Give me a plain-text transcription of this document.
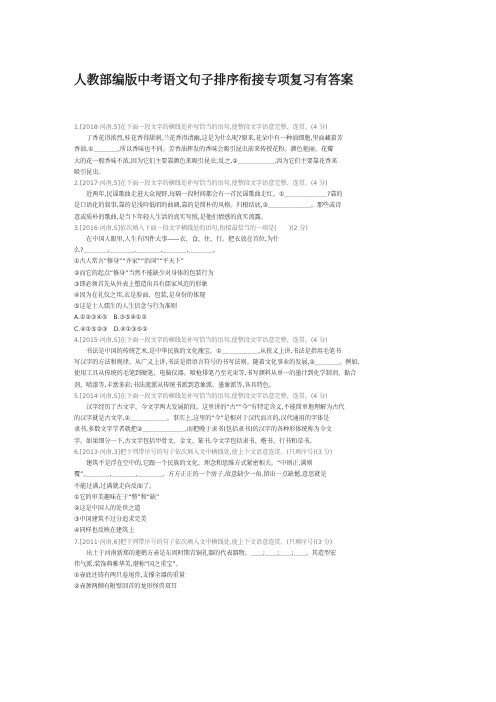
人教部编版中考语文句子排序衔接专项复习有答案

1.[2018·河南,5]在下面一段文字的横线处补写恰当的语句,使整段文字语意完整、连贯。(4 分)

　　丁香花得浓烈,桂花香得甜润,兰花香得清幽,这是为什么呢?原来,花朵中有一种油细胞,里面藏着芳

香油,①＿＿＿＿,所以香味也不同。芳香油挥发的香味会吸引昆虫前来传授花粉。颜色艳丽、花瓣

大的花一般香味不浓,因为它们主要靠颜色来吸引昆虫;反之,②＿＿＿＿＿＿,因为它们主要靠花香来

吸引昆虫。

2.[2017·河南,5]在下面一段文字的横线处补写恰当的语句,使整段文字语意完整、连贯。(4 分)

　　近两年,民谣歌曲走进大众视野,每隔一段时间都会有一首民谣歌曲走红。①＿＿＿＿＿＿＿?靠的

是口语化的叙事,靠的是浅吟低唱的曲调,靠的是简朴的风格。归根结底,②＿＿＿＿＿＿＿。那些或诗

意或质朴的歌曲,是当下年轻人生活的真实写照,是他们情感的真实流露。

3.[2016·河南,5]依次填入下面一段文字横线处的语句,衔接最恰当的一项是(　　)(2 分)

　　在中国人眼里,人生有四件大事——衣、食、住、行。把衣放在首位,为什

么?＿＿＿＿,＿＿＿＿,＿＿＿＿,＿＿＿＿,＿＿＿＿。

①古人常言“修身”“齐家”“治国”“平天下”

②而它的起点“修身”当然不能缺少对身体的包装行为

③即必须首先从外表上塑造出具有儒家风范的形象

④因为在礼仪之邦,衣是脸面、包装,是身份的体现

⑤这是士人儒生的人生信念与行为准则

A.①②③④⑤　B.③⑤④①②

C.④①⑤②③　D.④①③⑤②

4.[2015·河南,5]在下面一段文字的横线处补写恰当的语句,使整段文字语意完整、连贯。(4 分)

　　书法是中国的传统艺术,是中华民族的文化瑰宝。①＿＿＿＿＿＿,从狭义上讲,书法是指用毛笔书

写汉字的方法和规律。从广义上讲,书法是指语言符号的书写法则。随着文化事业的发展,②＿＿＿＿。例如,

使用工具从传统的毛笔到硬笔、电脑仪器、喷枪排笔乃至光束等,书写颜料从单一的墨汁到化学制剂、黏合

剂、喷漆等,丰富多彩;书法流派从传统书派到意象派、墨象派等,各具特色。

5.[2014·河南,5]在下面一段文字的横线处补写恰当的语句,使整段文字语意完整、连贯。(4 分)

　　汉字经历了古文字、今文字两大发展阶段。这里讲的“古”“今”有特定含义,不能简单地理解为古代

的汉字就是古文字,①＿＿＿＿＿＿。事实上,这里的“今”是相对于汉代而言的,汉代通用的字体是

隶书,多数文字学者就把②＿＿＿＿＿＿＿,而把晚于隶书(包括隶书)的汉字的各种形体统称为今文

字。如果细分一下,古文字包括甲骨文、金文、篆书,今文字包括隶书、楷书、行书和草书。

6.[2013·河南,3]把下列带序号的句子依次填入文中横线处,使上下文语意连贯。(只填序号)(3 分)

　　建筑不是浮在空中的,它跟一个民族的文化、理念和思维方式紧密相关。“中则正,满则

覆”,＿＿＿＿,＿＿＿＿,＿＿＿＿。方方正正的一个房子,故意缺少一角,留出一点缺憾,意思就是

不能过满,过满就走向反面了。

①它的审美趣味在于“整”和“缺”

②这是中国人的处世之道

③中国建筑不过分追求完美

④同样也反映在建筑上

7.[2011·河南,6]把下列带序号的句子依次填入文中横线处,使上下文语意连贯。(只填序号)(3 分)

　　出土于河南新郑的莲鹤方壶是东周时期青铜礼器的代表器物。＿＿;＿＿;＿＿;＿＿。其造型宏

伟气派,装饰典雅华美,堪称“国之重宝”。

①壶底还铸有两只卷尾兽,支撑全器的重量

②壶颈两侧有附壁回首的龙形怪兽双耳
